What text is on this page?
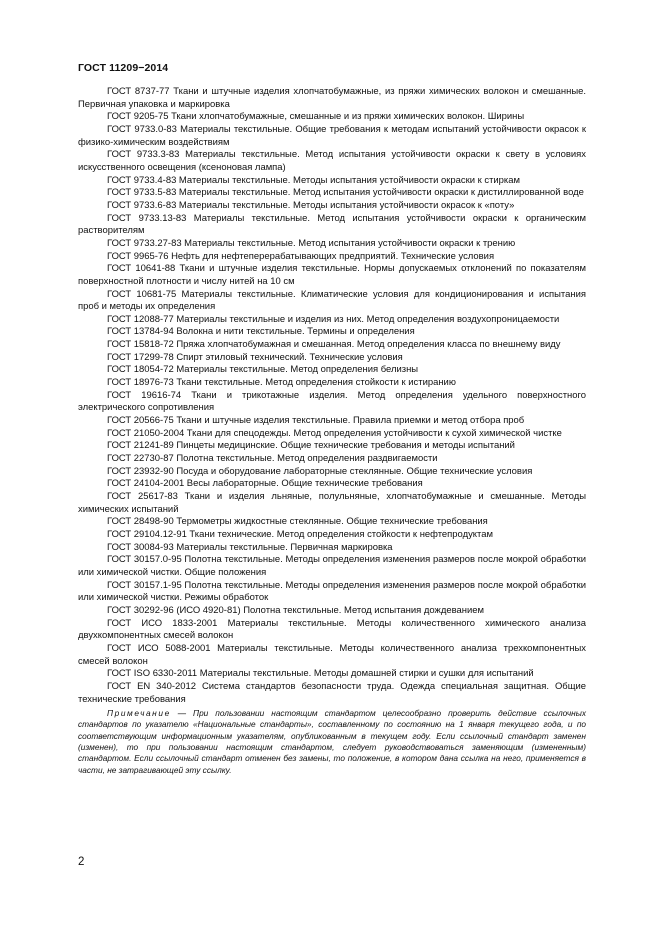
ГОСТ 11209−2014

ГОСТ 8737-77 Ткани и штучные изделия хлопчатобумажные, из пряжи химических волокон и смешанные. Первичная упаковка и маркировка

ГОСТ 9205-75 Ткани хлопчатобумажные, смешанные и из пряжи химических волокон. Ширины

ГОСТ 9733.0-83 Материалы текстильные. Общие требования к методам испытаний устойчивости окрасок к физико-химическим воздействиям

ГОСТ 9733.3-83 Материалы текстильные. Метод испытания устойчивости окраски к свету в условиях искусственного освещения (ксеноновая лампа)

ГОСТ 9733.4-83 Материалы текстильные. Методы испытания устойчивости окраски к стиркам

ГОСТ 9733.5-83 Материалы текстильные. Метод испытания устойчивости окраски к дистиллированной воде

ГОСТ 9733.6-83 Материалы текстильные. Методы испытания устойчивости окрасок к «поту»

ГОСТ 9733.13-83 Материалы текстильные. Метод испытания устойчивости окраски к органическим растворителям

ГОСТ 9733.27-83 Материалы текстильные. Метод испытания устойчивости окраски к трению

ГОСТ 9965-76 Нефть для нефтеперерабатывающих предприятий. Технические условия

ГОСТ 10641-88 Ткани и штучные изделия текстильные. Нормы допускаемых отклонений по показателям поверхностной плотности и числу нитей на 10 см

ГОСТ 10681-75 Материалы текстильные. Климатические условия для кондиционирования и испытания проб и методы их определения

ГОСТ 12088-77 Материалы текстильные и изделия из них. Метод определения воздухопроницаемости

ГОСТ 13784-94 Волокна и нити текстильные. Термины и определения

ГОСТ 15818-72 Пряжа хлопчатобумажная и смешанная. Метод определения класса по внешнему виду

ГОСТ 17299-78 Спирт этиловый технический. Технические условия

ГОСТ 18054-72 Материалы текстильные. Метод определения белизны

ГОСТ 18976-73 Ткани текстильные. Метод определения стойкости к истиранию

ГОСТ 19616-74 Ткани и трикотажные изделия. Метод определения удельного поверхностного электрического сопротивления

ГОСТ 20566-75 Ткани и штучные изделия текстильные. Правила приемки и метод отбора проб

ГОСТ 21050-2004 Ткани для спецодежды. Метод определения устойчивости к сухой химической чистке

ГОСТ 21241-89 Пинцеты медицинские. Общие технические требования и методы испытаний

ГОСТ 22730-87 Полотна текстильные. Метод определения раздвигаемости

ГОСТ 23932-90 Посуда и оборудование лабораторные стеклянные. Общие технические условия

ГОСТ 24104-2001 Весы лабораторные. Общие технические требования

ГОСТ 25617-83 Ткани и изделия льняные, полульняные, хлопчатобумажные и смешанные. Методы химических испытаний

ГОСТ 28498-90 Термометры жидкостные стеклянные. Общие технические требования

ГОСТ 29104.12-91 Ткани технические. Метод определения стойкости к нефтепродуктам

ГОСТ 30084-93 Материалы текстильные. Первичная маркировка

ГОСТ 30157.0-95 Полотна текстильные. Методы определения изменения размеров после мокрой обработки или химической чистки. Общие положения

ГОСТ 30157.1-95 Полотна текстильные. Методы определения изменения размеров после мокрой обработки или химической чистки. Режимы обработок

ГОСТ 30292-96 (ИСО 4920-81) Полотна текстильные. Метод испытания дождеванием

ГОСТ ИСО 1833-2001 Материалы текстильные. Методы количественного химического анализа двухкомпонентных смесей волокон

ГОСТ ИСО 5088-2001 Материалы текстильные. Методы количественного анализа трехкомпонентных смесей волокон

ГОСТ ISO 6330-2011 Материалы текстильные. Методы домашней стирки и сушки для испытаний

ГОСТ EN 340-2012 Система стандартов безопасности труда. Одежда специальная защитная. Общие технические требования

Примечание — При пользовании настоящим стандартом целесообразно проверить действие ссылочных стандартов по указателю «Национальные стандарты», составленному по состоянию на 1 января текущего года, и по соответствующим информационным указателям, опубликованным в текущем году. Если ссылочный стандарт заменен (изменен), то при пользовании настоящим стандартом, следует руководствоваться заменяющим (измененным) стандартом. Если ссылочный стандарт отменен без замены, то положение, в котором дана ссылка на него, применяется в части, не затрагивающей эту ссылку.

2
